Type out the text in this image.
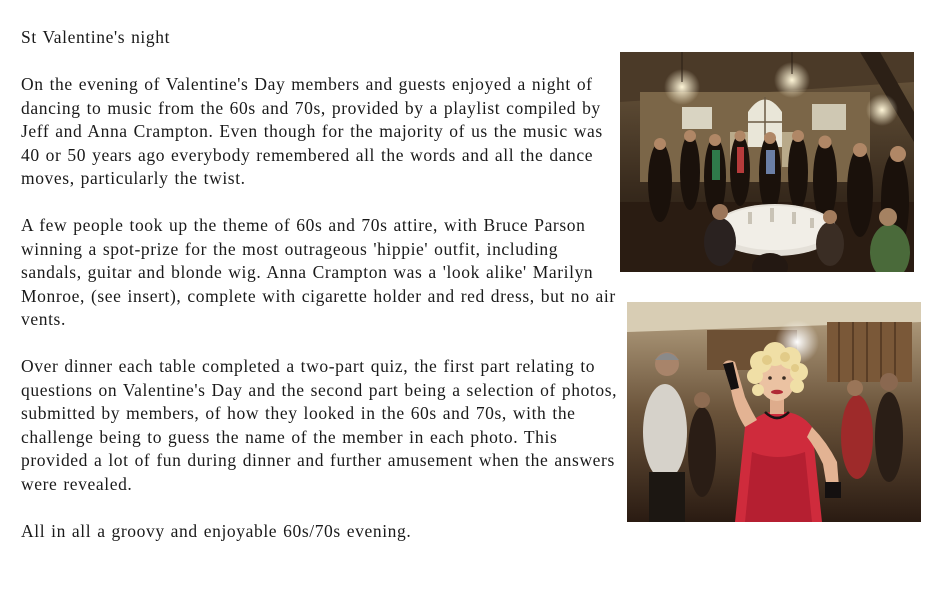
St Valentine's night

On the evening of Valentine's Day members and guests enjoyed a night of dancing to music from the 60s and 70s, provided by a playlist compiled by Jeff and Anna Crampton. Even though for the majority of us the music was 40 or 50 years ago everybody remembered all the words and all the dance moves, particularly the twist.

A few people took up the theme of 60s and 70s attire, with Bruce Parson winning a spot-prize for the most outrageous 'hippie' outfit, including sandals, guitar and blonde wig. Anna Crampton was a 'look alike' Marilyn Monroe, (see insert), complete with cigarette holder and red dress, but no air vents.

Over dinner each table completed a two-part quiz, the first part relating to questions on Valentine's Day and the second part being a selection of photos, submitted by members, of how they looked in the 60s and 70s, with the challenge being to guess the name of the member in each photo. This provided a lot of fun during dinner and further amusement when the answers were revealed.

All in all a groovy and enjoyable 60s/70s evening.
